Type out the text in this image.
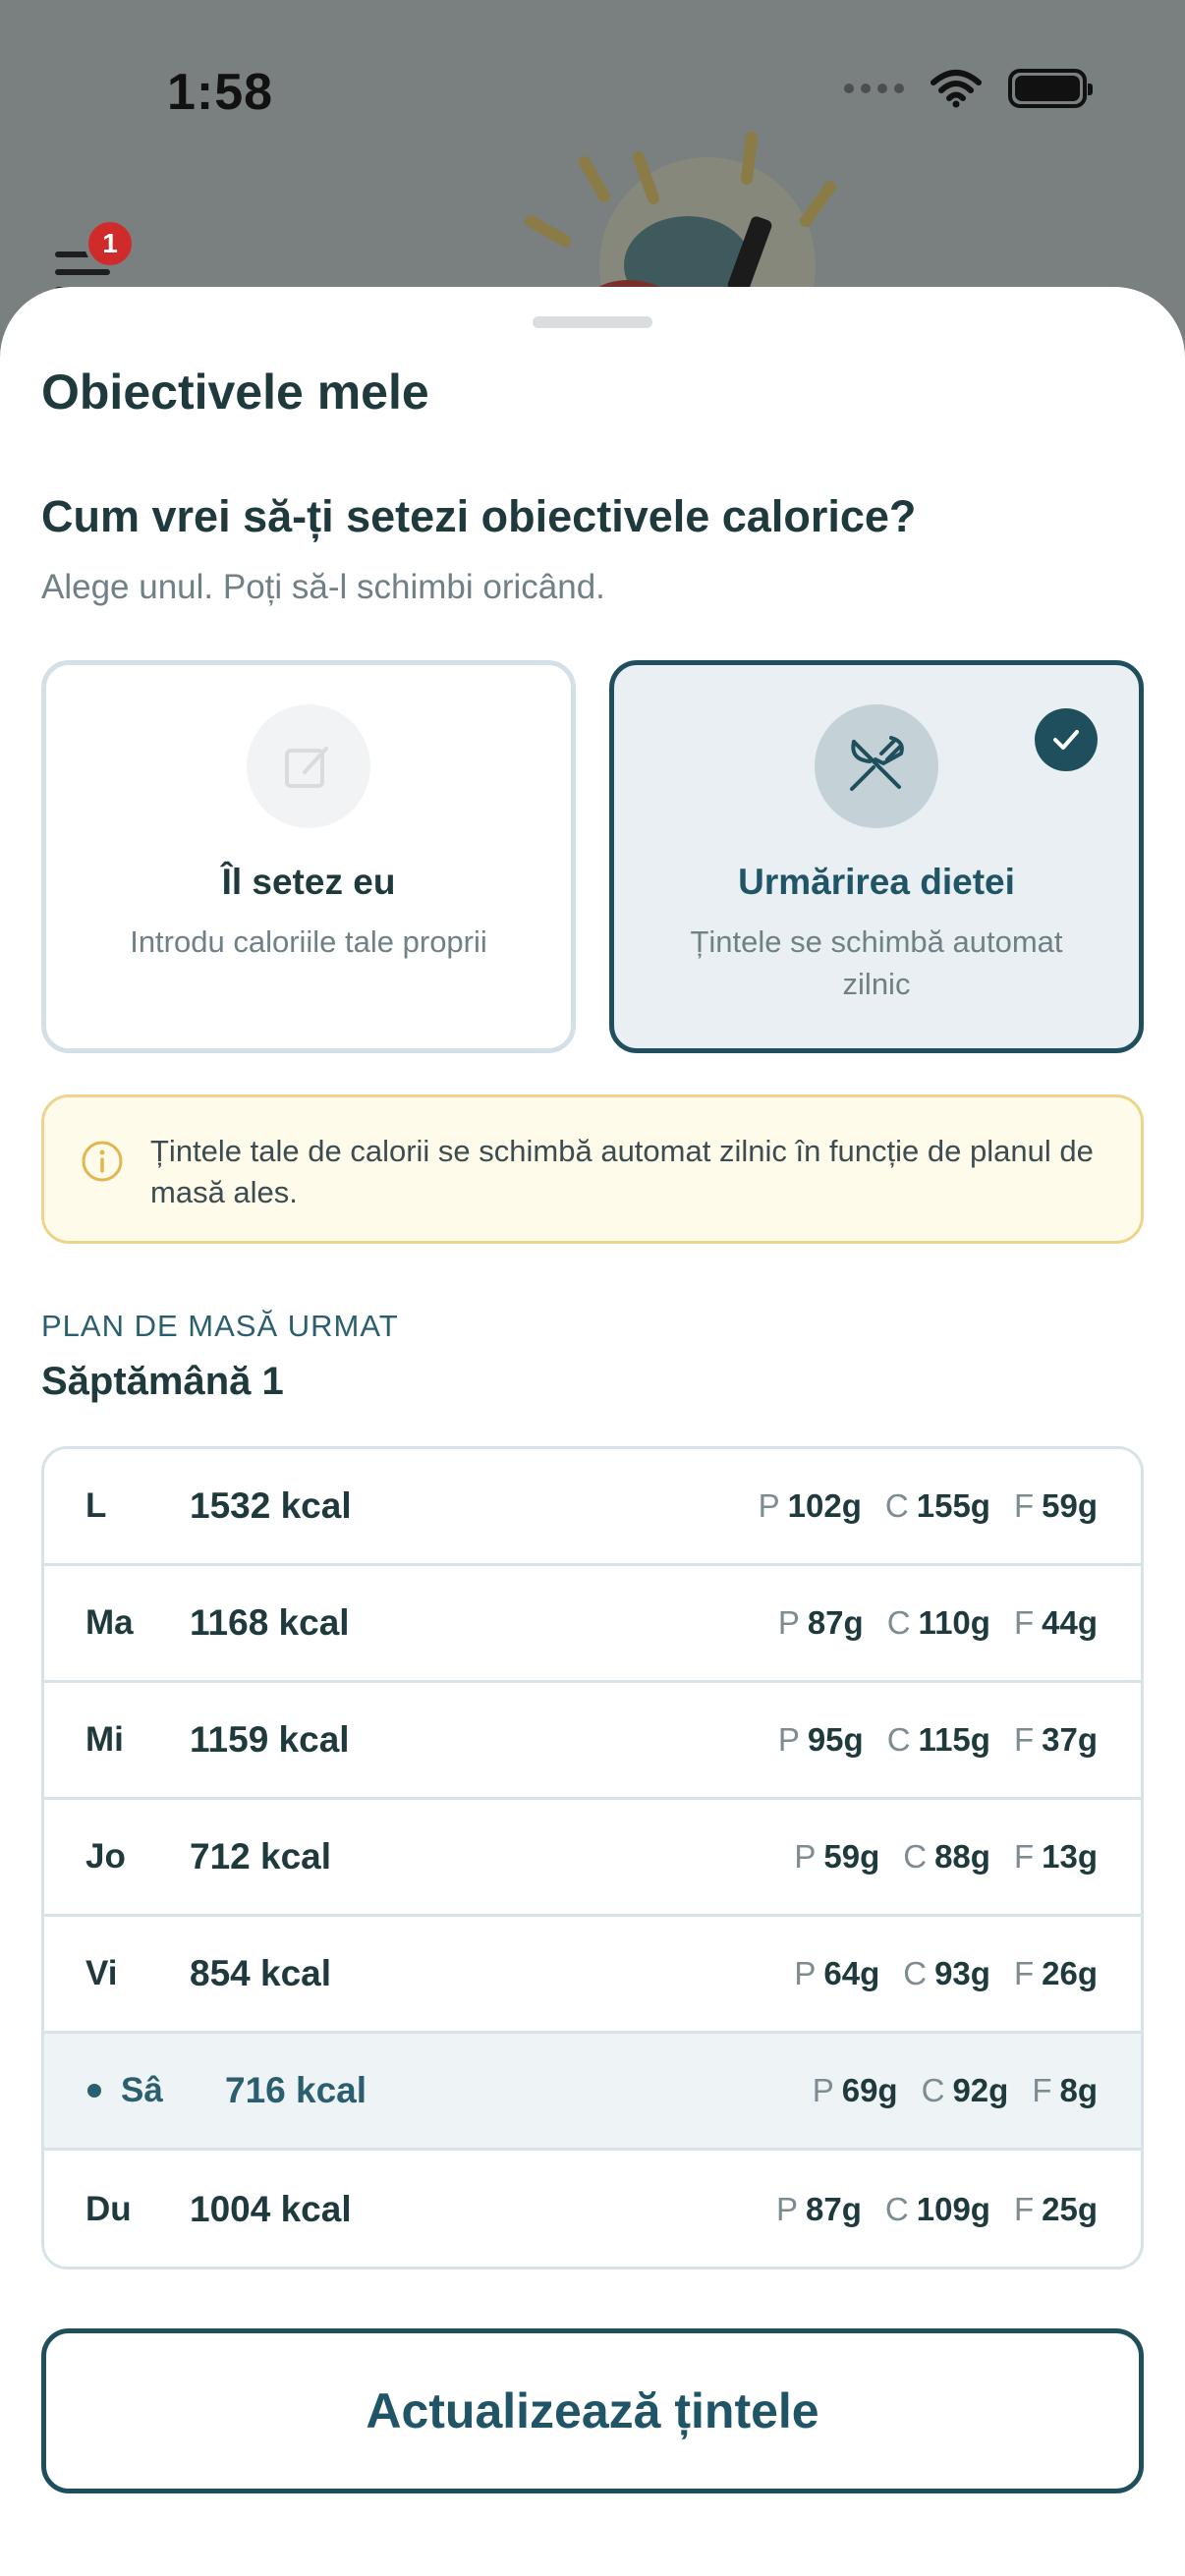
1:58
1
Obiectivele mele
Cum vrei să-ți setezi obiectivele calorice?
Alege unul. Poți să-l schimbi oricând.
Îl setez eu
Introdu caloriile tale proprii
Urmărirea dietei
Țintele se schimbă automat zilnic
Țintele tale de calorii se schimbă automat zilnic în funcție de planul de masă ales.
PLAN DE MASĂ URMAT
Săptămână 1
L 1532 kcal	P 102g C 155g F 59g
Ma 1168 kcal	P 87g C 110g F 44g
Mi 1159 kcal	P 95g C 115g F 37g
Jo 712 kcal	P 59g C 88g F 13g
Vi 854 kcal	P 64g C 93g F 26g
Sâ 716 kcal	P 69g C 92g F 8g
Du 1004 kcal	P 87g C 109g F 25g
Actualizează țintele
